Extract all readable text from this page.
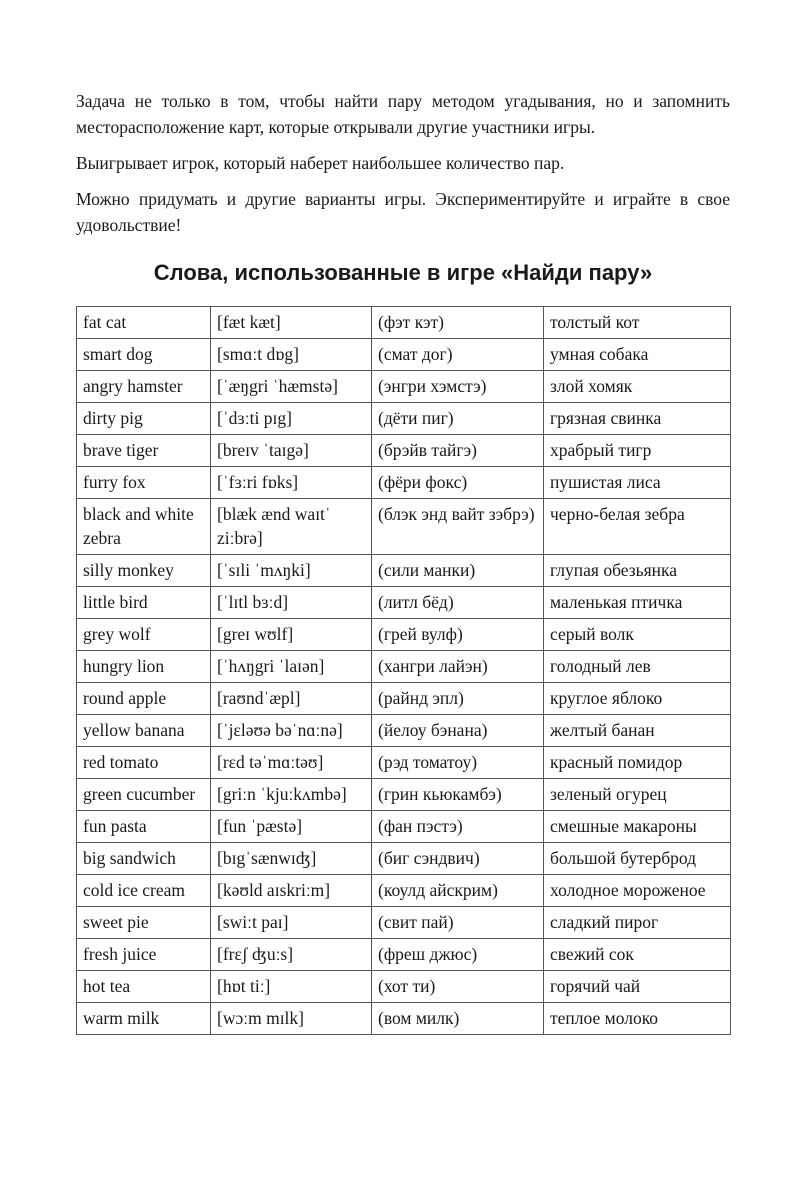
Задача не только в том, чтобы найти пару методом угадывания, но и запомнить месторасположение карт, которые открывали другие участники игры.

Выигрывает игрок, который наберет наибольшее количество пар.

Можно придумать и другие варианты игры. Экспериментируйте и играйте в свое удовольствие!

Слова, использованные в игре «Найди пару»
fat cat	[fæt kæt]	(фэт кэт)	толстый кот
smart dog	[smɑːt dɒg]	(смат дог)	умная собака
angry hamster	[ˈæŋgri ˈhæmstə]	(энгри хэмстэ)	злой хомяк
dirty pig	[ˈdɜːti pɪg]	(дёти пиг)	грязная свинка
brave tiger	[breɪv ˈtaɪgə]	(брэйв тайгэ)	храбрый тигр
furry fox	[ˈfɜːri fɒks]	(фёри фокс)	пушистая лиса
black and white zebra	[blæk ænd waɪtˈ ziːbrə]	(блэк энд вайт зэбрэ)	черно-белая зебра
silly monkey	[ˈsɪli ˈmʌŋki]	(сили манки)	глупая обезьянка
little bird	[ˈlɪtl bɜːd]	(литл бёд)	маленькая птичка
grey wolf	[greɪ wʊlf]	(грей вулф)	серый волк
hungry lion	[ˈhʌŋgri ˈlaɪən]	(хангри лайэн)	голодный лев
round apple	[raʊndˈæpl]	(райнд эпл)	круглое яблоко
yellow banana	[ˈjɛləʊə bəˈnɑːnə]	(йелоу бэнана)	желтый банан
red tomato	[rɛd təˈmɑːtəʊ]	(рэд томатоу)	красный помидор
green cucumber	[griːn ˈkjuːkʌmbə]	(грин кьюкамбэ)	зеленый огурец
fun pasta	[fun ˈpæstə]	(фан пэстэ)	смешные макароны
big sandwich	[bɪgˈsænwɪʤ]	(биг сэндвич)	большой бутерброд
cold ice cream	[kəʊld aɪskriːm]	(коулд айскрим)	холодное мороженое
sweet pie	[swiːt paɪ]	(свит пай)	сладкий пирог
fresh juice	[frɛʃ ʤuːs]	(фреш джюс)	свежий сок
hot tea	[hɒt tiː]	(хот ти)	горячий чай
warm milk	[wɔːm mɪlk]	(вом милк)	теплое молоко
